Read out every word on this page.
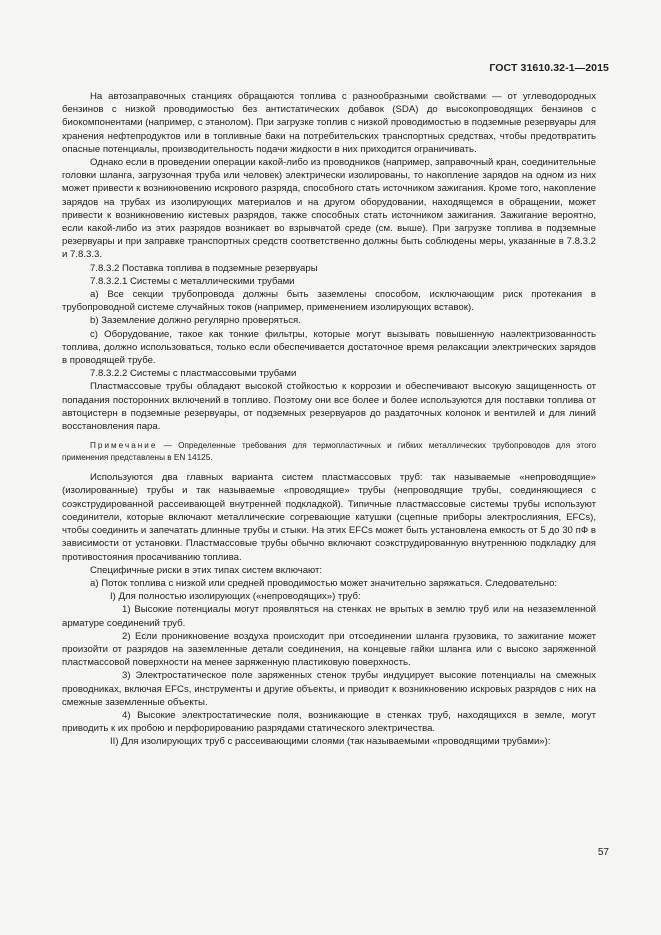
ГОСТ 31610.32-1—2015

На автозаправочных станциях обращаются топлива с разнообразными свойствами — от углеводородных бензинов с низкой проводимостью без антистатических добавок (SDA) до высокопроводящих бензинов с биокомпонентами (например, с этанолом). При загрузке топлив с низкой проводимостью в подземные резервуары для хранения нефтепродуктов или в топливные баки на потребительских транспортных средствах, чтобы предотвратить опасные потенциалы, производительность подачи жидкости в них приходится ограничивать.

Однако если в проведении операции какой-либо из проводников (например, заправочный кран, соединительные головки шланга, загрузочная труба или человек) электрически изолированы, то накопление зарядов на одном из них может привести к возникновению искрового разряда, способного стать источником зажигания. Кроме того, накопление зарядов на трубах из изолирующих материалов и на другом оборудовании, находящемся в обращении, может привести к возникновению кистевых разрядов, также способных стать источником зажигания. Зажигание вероятно, если какой-либо из этих разрядов возникает во взрывчатой среде (см. выше). При загрузке топлива в подземные резервуары и при заправке транспортных средств соответственно должны быть соблюдены меры, указанные в 7.8.3.2 и 7.8.3.3.

7.8.3.2 Поставка топлива в подземные резервуары

7.8.3.2.1 Системы с металлическими трубами

a) Все секции трубопровода должны быть заземлены способом, исключающим риск протекания в трубопроводной системе случайных токов (например, применением изолирующих вставок).

b) Заземление должно регулярно проверяться.

c) Оборудование, такое как тонкие фильтры, которые могут вызывать повышенную наэлектризованность топлива, должно использоваться, только если обеспечивается достаточное время релаксации электрических зарядов в проводящей трубе.

7.8.3.2.2 Системы с пластмассовыми трубами

Пластмассовые трубы обладают высокой стойкостью к коррозии и обеспечивают высокую защищенность от попадания посторонних включений в топливо. Поэтому они все более и более используются для поставки топлива от автоцистерн в подземные резервуары, от подземных резервуаров до раздаточных колонок и вентилей и для линий восстановления пара.

Примечание — Определенные требования для термопластичных и гибких металлических трубопроводов для этого применения представлены в EN 14125.

Используются два главных варианта систем пластмассовых труб: так называемые «непроводящие» (изолированные) трубы и так называемые «проводящие» трубы (непроводящие трубы, соединяющиеся с соэкструдированной рассеивающей внутренней подкладкой). Типичные пластмассовые системы трубы используют соединители, которые включают металлические согревающие катушки (сцепные приборы электрослияния, EFCs), чтобы соединить и запечатать длинные трубы и стыки. На этих EFCs может быть установлена емкость от 5 до 30 пФ в зависимости от установки. Пластмассовые трубы обычно включают соэкструдированную внутреннюю подкладку для противостояния просачиванию топлива.

Специфичные риски в этих типах систем включают:

a) Поток топлива с низкой или средней проводимостью может значительно заряжаться. Следовательно:

I) Для полностью изолирующих («непроводящих») труб:

1) Высокие потенциалы могут проявляться на стенках не врытых в землю труб или на незаземленной арматуре соединений труб.

2) Если проникновение воздуха происходит при отсоединении шланга грузовика, то зажигание может произойти от разрядов на заземленные детали соединения, на концевые гайки шланга или с высоко заряженной пластмассовой поверхности на менее заряженную пластиковую поверхность.

3) Электростатическое поле заряженных стенок трубы индуцирует высокие потенциалы на смежных проводниках, включая EFCs, инструменты и другие объекты, и приводит к возникновению искровых разрядов с них на смежные заземленные объекты.

4) Высокие электростатические поля, возникающие в стенках труб, находящихся в земле, могут приводить к их пробою и перфорированию разрядами статического электричества.

II) Для изолирующих труб с рассеивающими слоями (так называемыми «проводящими трубами»):

57
